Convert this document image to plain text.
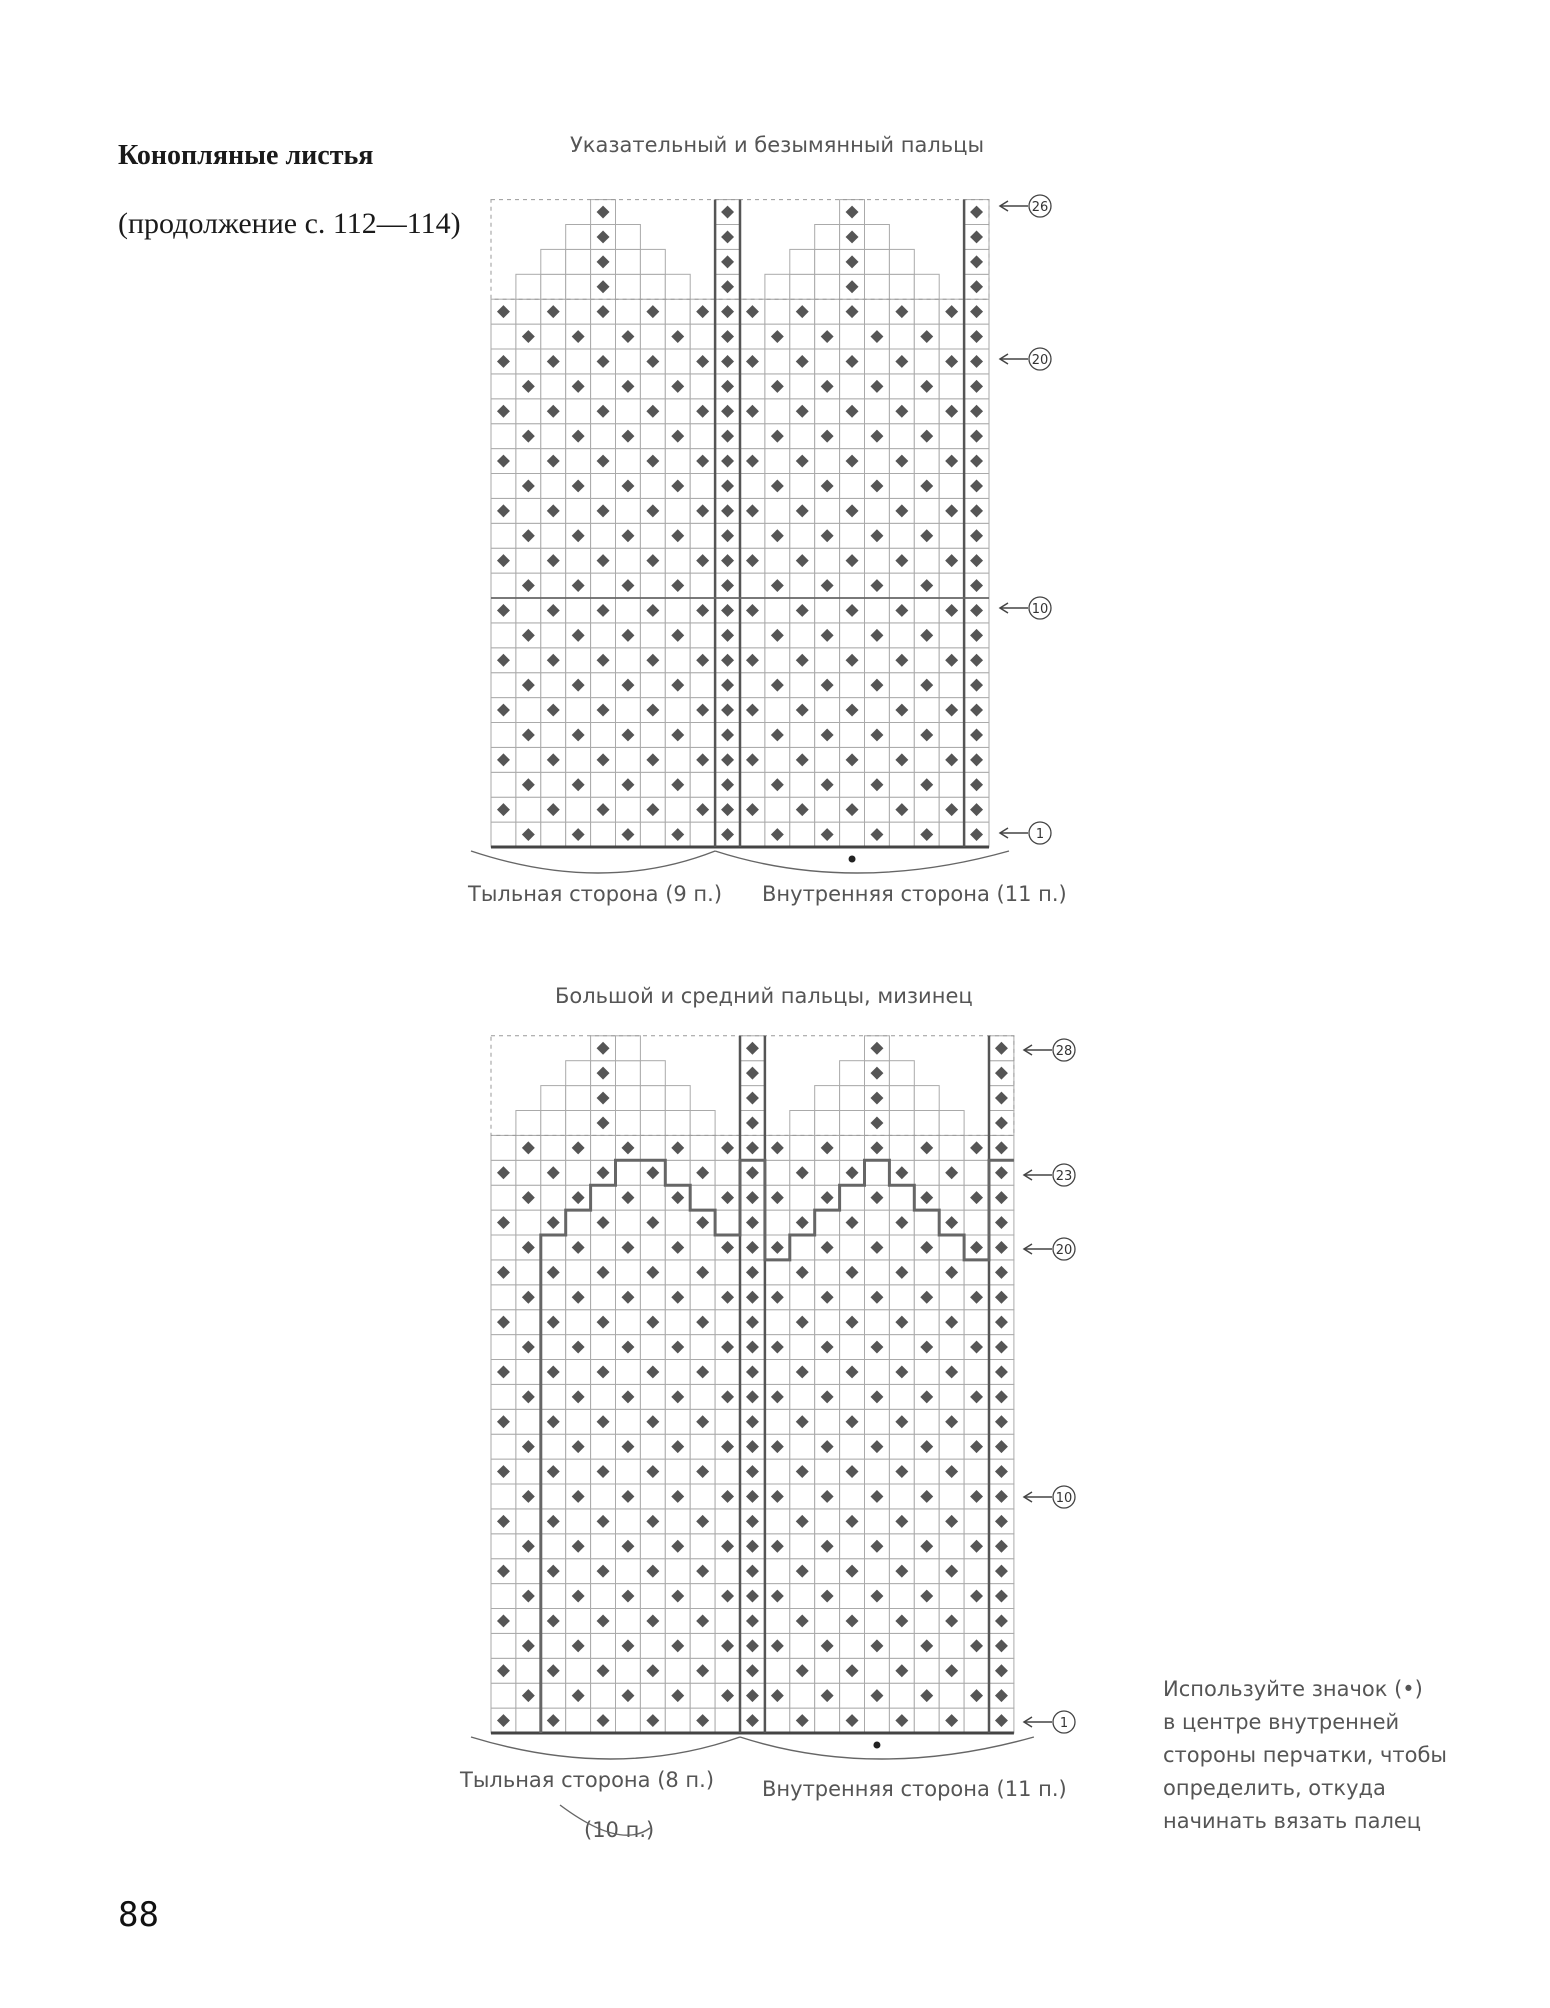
Конопляные листья
(продолжение с. 112—114)
Указательный и безымянный пальцы
Большой и средний пальцы, мизинец
26
20
10
1
Тыльная сторона (9 п.) Внутренняя сторона (11 п.)
28
23
20
10
1
Тыльная сторона (8 п.)
(10 п.)
Внутренняя сторона (11 п.)
Используйте значок (•)
в центре внутренней
стороны перчатки, чтобы
определить, откуда
начинать вязать палец
88
